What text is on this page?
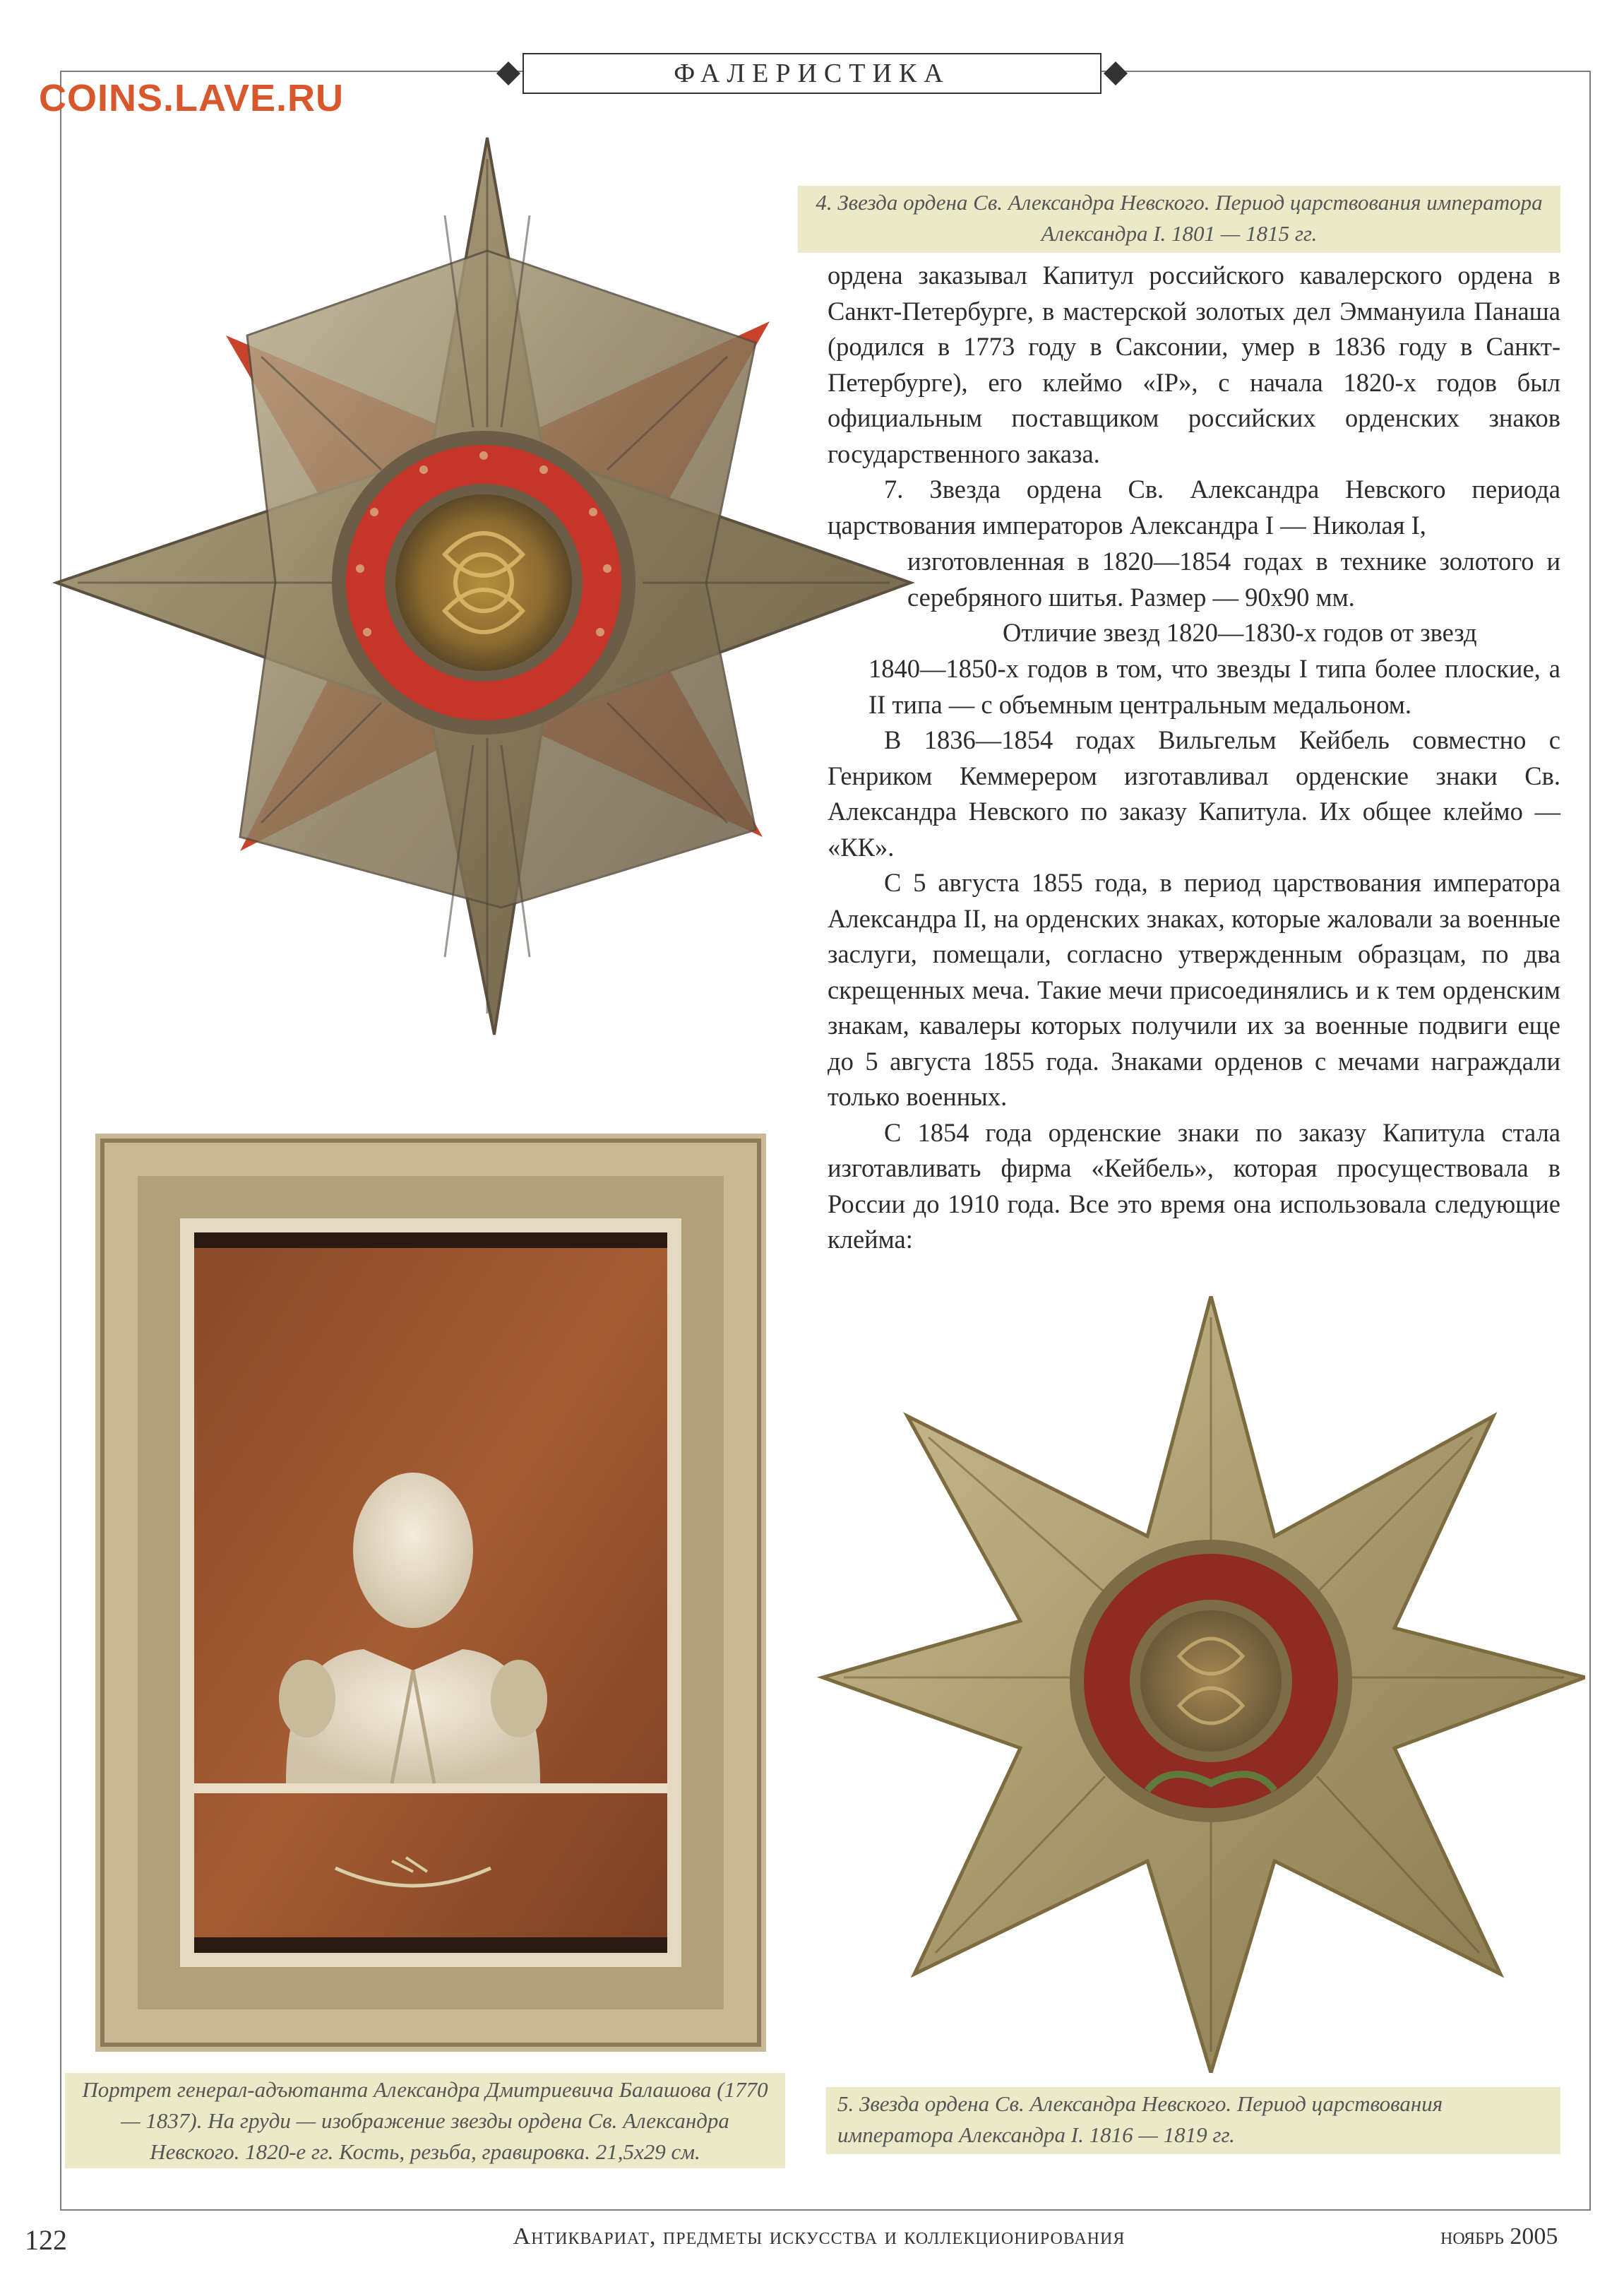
ФАЛЕРИСТИКА
COINS.LAVE.RU
4. Звезда ордена Св. Александра Невского. Период царствования императора Александра I. 1801 — 1815 гг.

ордена заказывал Капитул российского кавалерского ордена в Санкт-Петербурге, в мастерской золотых дел Эммануила Панаша (родился в 1773 году в Саксонии, умер в 1836 году в Санкт-Петербурге), его клеймо «IP», с начала 1820-х годов был официальным поставщиком российских орденских знаков государственного заказа.

7. Звезда ордена Св. Александра Невского периода царствования императоров Александра I — Николая I,

изготовленная в 1820—1854 годах в технике золотого и серебряного шитья. Размер — 90х90 мм.

Отличие звезд 1820—1830-х годов от звезд

1840—1850-х годов в том, что звезды I типа более плоские, а II типа — с объемным центральным медальоном.

В 1836—1854 годах Вильгельм Кейбель совместно с Генриком Кеммерером изготавливал орденские знаки Св. Александра Невского по заказу Капитула. Их общее клеймо — «КК».

С 5 августа 1855 года, в период царствования императора Александра II, на орденских знаках, которые жаловали за военные заслуги, помещали, согласно утвержденным образцам, по два скрещенных меча. Такие мечи присоединялись и к тем орденским знакам, кавалеры которых получили их за военные подвиги еще до 5 августа 1855 года. Знаками орденов с мечами награждали только военных.

С 1854 года орденские знаки по заказу Капитула стала изготавливать фирма «Кейбель», которая просуществовала в России до 1910 года. Все это время она использовала следующие клейма:

Портрет генерал-адъютанта Александра Дмитриевича Балашова (1770 — 1837). На груди — изображение звезды ордена Св. Александра Невского. 1820-е гг. Кость, резьба, гравировка. 21,5х29 см.
5. Звезда ордена Св. Александра Невского. Период царствования императора Александра I. 1816 — 1819 гг.
122	Антиквариат, предметы искусства и коллекционирования	ноябрь 2005
